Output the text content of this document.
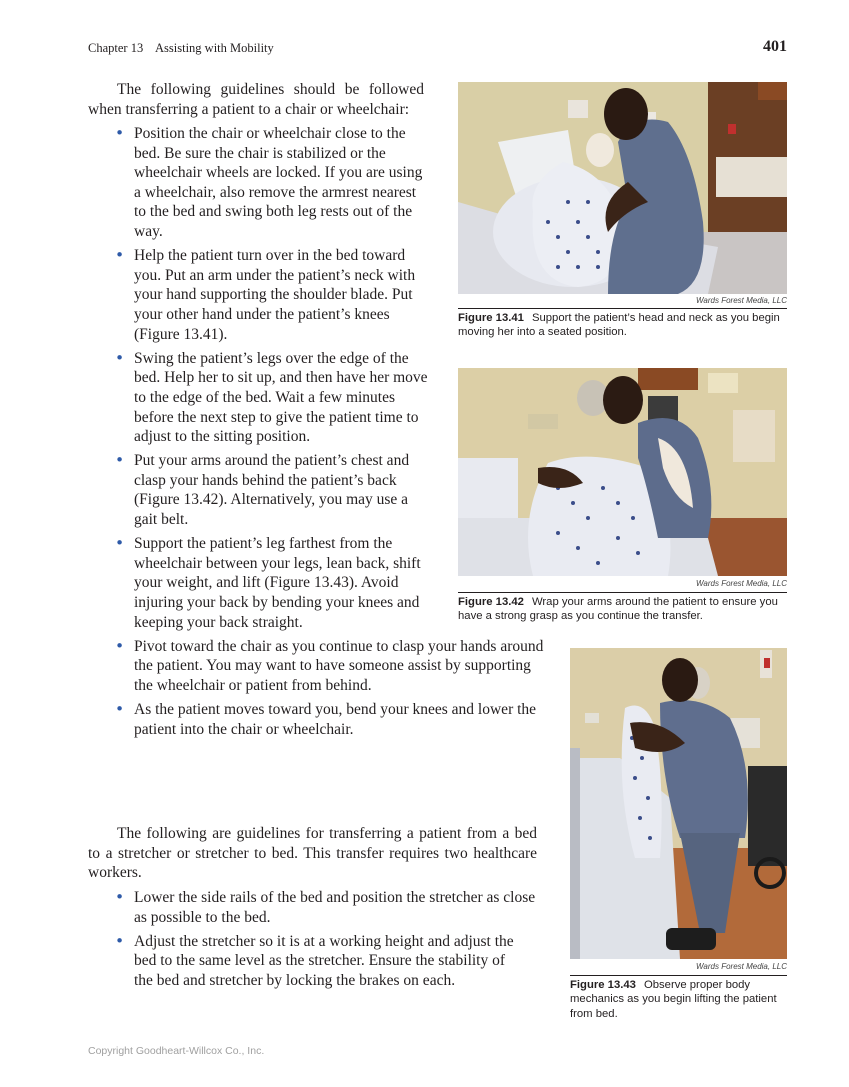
Chapter 13    Assisting with Mobility	401

The following guidelines should be followed when transferring a patient to a chair or wheelchair:

• Position the chair or wheelchair close to the bed. Be sure the chair is stabilized or the wheelchair wheels are locked. If you are using a wheelchair, also remove the armrest nearest to the bed and swing both leg rests out of the way.
• Help the patient turn over in the bed toward you. Put an arm under the patient’s neck with your hand supporting the shoulder blade. Put your other hand under the patient’s knees (Figure 13.41).
• Swing the patient’s legs over the edge of the bed. Help her to sit up, and then have her move to the edge of the bed. Wait a few minutes before the next step to give the patient time to adjust to the sitting position.
• Put your arms around the patient’s chest and clasp your hands behind the patient’s back (Figure 13.42). Alternatively, you may use a gait belt.
• Support the patient’s leg farthest from the wheelchair between your legs, lean back, shift your weight, and lift (Figure 13.43). Avoid injuring your back by bending your knees and keeping your back straight.
• Pivot toward the chair as you continue to clasp your hands around the patient. You may want to have someone assist by supporting the wheelchair or patient from behind.
• As the patient moves toward you, bend your knees and lower the patient into the chair or wheelchair.

The following are guidelines for transferring a patient from a bed to a stretcher or stretcher to bed. This transfer requires two healthcare workers.

• Lower the side rails of the bed and position the stretcher as close as possible to the bed.
• Adjust the stretcher so it is at a working height and adjust the bed to the same level as the stretcher. Ensure the stability of the bed and stretcher by locking the brakes on each.
Wards Forest Media, LLC
Figure 13.41 Support the patient’s head and neck as you begin moving her into a seated position.
Wards Forest Media, LLC
Figure 13.42 Wrap your arms around the patient to ensure you have a strong grasp as you continue the transfer.
Wards Forest Media, LLC
Figure 13.43 Observe proper body mechanics as you begin lifting the patient from bed.
Copyright Goodheart-Willcox Co., Inc.
